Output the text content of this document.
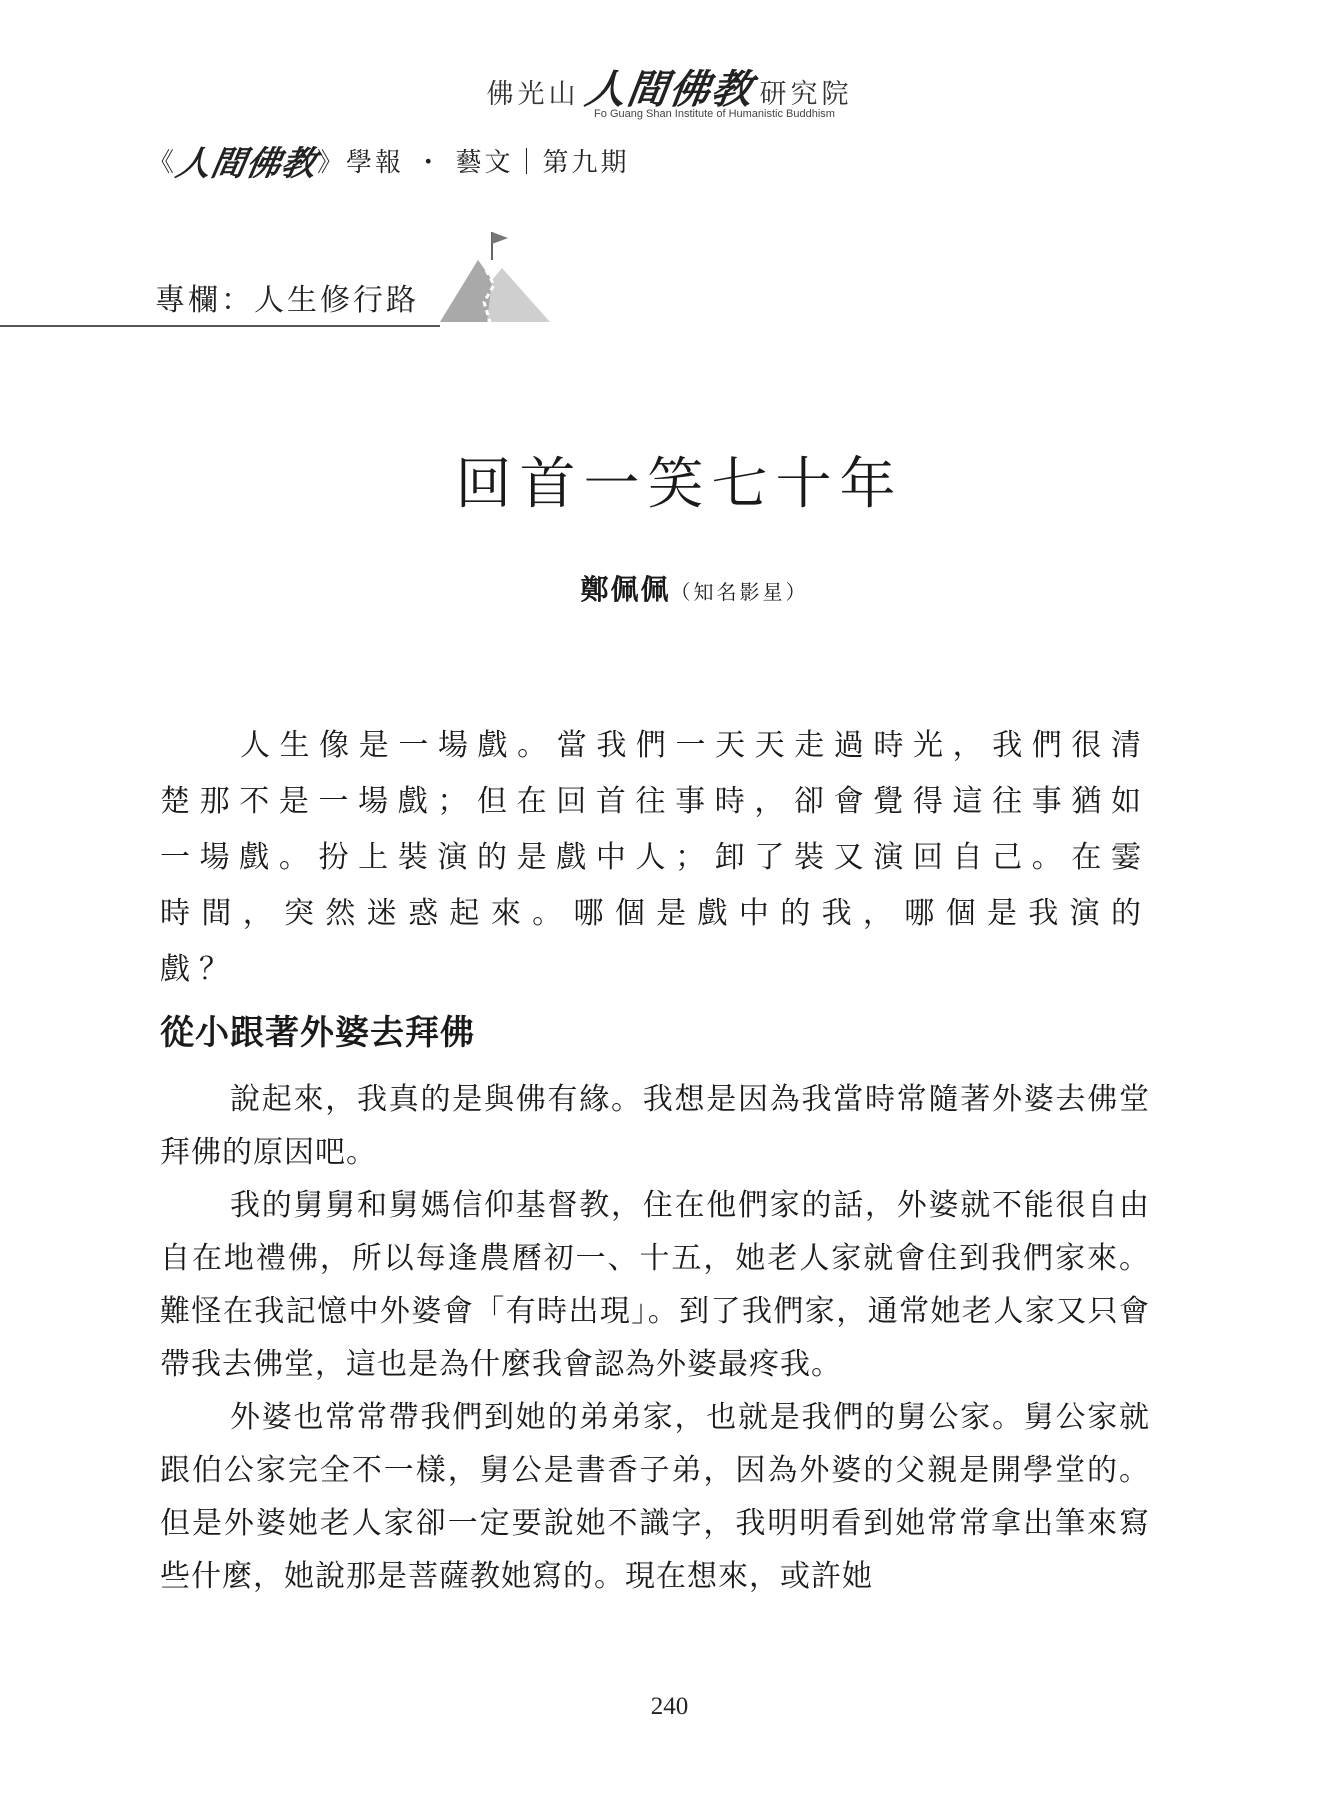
佛光山 人間佛教 研究院
Fo Guang Shan Institute of Humanistic Buddhism
《
人間佛教
》學報 ・ 藝文｜第九期
專欄：人生修行路
回首一笑七十年
鄭佩佩（知名影星）

人生像是一場戲。當我們一天天走過時光，我們很清楚那不是一場戲；但在回首往事時，卻會覺得這往事猶如一場戲。扮上裝演的是戲中人；卸了裝又演回自己。在霎時間，突然迷惑起來。哪個是戲中的我，哪個是我演的戲？

從小跟著外婆去拜佛

說起來，我真的是與佛有緣。我想是因為我當時常隨著外婆去佛堂拜佛的原因吧。

我的舅舅和舅媽信仰基督教，住在他們家的話，外婆就不能很自由自在地禮佛，所以每逢農曆初一、十五，她老人家就會住到我們家來。難怪在我記憶中外婆會「有時出現」。到了我們家，通常她老人家又只會帶我去佛堂，這也是為什麼我會認為外婆最疼我。

外婆也常常帶我們到她的弟弟家，也就是我們的舅公家。舅公家就跟伯公家完全不一樣，舅公是書香子弟，因為外婆的父親是開學堂的。但是外婆她老人家卻一定要說她不識字，我明明看到她常常拿出筆來寫些什麼，她說那是菩薩教她寫的。現在想來，或許她

240
